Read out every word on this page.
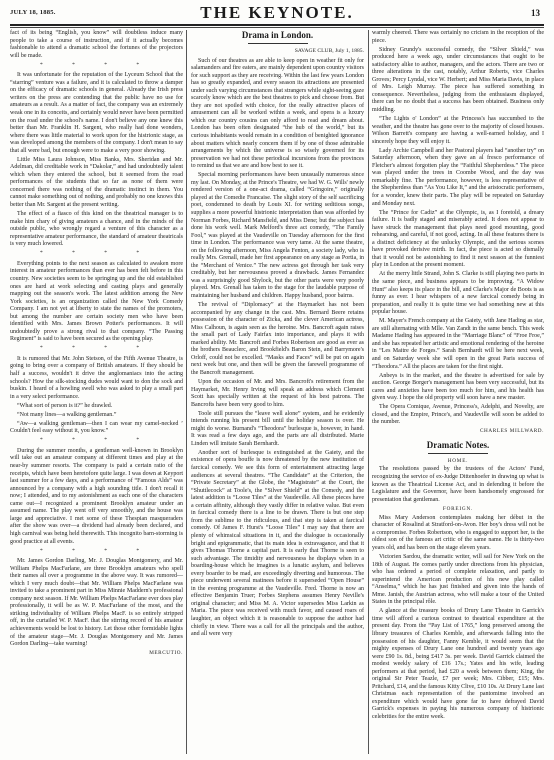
JULY 18, 1885.	THE KEYNOTE.	13

fact of its being “English, you know” will doubtless induce many people to take a course of instruction, and if it actually becomes fashionable to attend a dramatic school the fortunes of the projectors will be made.

* * * *

It was unfortunate for the reputation of the Lyceum School that the “starring” venture was a failure, and it is calculated to throw a damper on the efficacy of dramatic schools in general. Already the Irish press writers on the press are contending that the public have no use for amateurs as a result. As a matter of fact, the company was an extremely weak one in its conceits, and certainly would never have been permitted on the road under the school's name. I don't believe any one knew this better than Mr. Franklin H. Sargent, who really had done wonders, where there was little material to work upon for the histrionic stage, as was developed among the members of the company. I don't mean to say that all were bad, but enough were to make a very poor showing.

Little Miss Laura Johnson, Miss Banks, Mrs. Sheridan and Mr. Adelman, did creditable work in “Dakolar,” and had undoubtedly talent which when they entered the school, but it seemed from the road performances of the students that so far as none of them were concerned there was nothing of the dramatic instinct in them. You cannot make something out of nothing, and probably no one knows this better than Mr. Sargent at the present writing.

The effect of a fiasco of this kind on the theatrical manager is to make him chary of giving amateurs a chance, and in the minds of the outside public, who wrongly regard a venture of this character as a representative amateur performance, the standard of amateur theatricals is very much lowered.

* * * *

Everything points to the next season as calculated to awaken more interest in amateur performances than ever has been felt before in this country. New societies seem to be springing up and the old established ones are hard at work selecting and casting plays and generally mapping out the season's work. The latest addition among the New York societies, is an organization called the New York Comedy Company. I am not yet at liberty to state the names of the promoters, but among the number are certain society men who have been identified with Mrs. James Brown Potter's performances. It will undoubtedly prove a strong rival to that company. “The Passing Regiment” is said to have been secured as the opening play.

* * * *

It is rumored that Mr. John Stetson, of the Fifth Avenue Theatre, is going to bring over a company of British amateurs. If they should be half a success, wouldn't it drive the anglomaniacs into the acting schools? How the silk-stocking dudes would want to don the sock and buskin. I heard of a howling swell who was asked to play a small part in a very select performance.

“What sort of person is it?” he drawled.

“Not many lines—a walking gentleman.”

“Aw—a walking gentleman—then I can wear my camel-necked ’ Couldn't feel easy without it, you know.”

* * * *

During the summer months, a gentleman well-known in Brooklyn will take out an amateur company at different times and play at the near-by summer resorts. The company is paid a certain ratio of the receipts, which have been heretofore quite large. I was down at Keyport last summer for a few days, and a performance of “Famous Alds” was announced by a company with a high sounding title. I don't recall it now; I attended, and to my astonishment as each one of the characters came out—I recognized a prominent Brooklyn amateur under an assumed name. The play went off very smoothly, and the house was large and appreciative. I met some of these Thespian masqueraders after the show was over—a dividend had already been declared, and high carnival was being held therewith. This incognito barn-storming is good practice at all events.

* * * *

Mr. James Gordon Darling, Mr. J. Douglas Montgomery, and Mr. William Phelps MacFarlane, are three Brooklyn amateurs who spell their names all over a programme in the above way. It was rumored—which I very much doubt—that Mr. William Phelps MacFarlane was invited to take a prominent part in Miss Minnie Maddern's professional company next season. If Mr. William Phelps MacFarlane ever does play professionally, it will be as W. P. MacFarlane of the most, and the striking individuality of William Phelps MacF. is so entirely stripped off, in the curtailed W. P. MacF. that the stirring record of his amateur achievements would be lost to history. Let those other formidable lights of the amateur stage—Mr. J. Douglas Montgomery and Mr. James Gordon Darling—take warning!

MERCUTIO.
Drama in London.
SAVAGE CLUB, July 1, 1885.

Such of our theatres as are able to keep open in weather fit only for salamanders and fire eaters, are mainly dependent upon country visitors for such support as they are receiving. Within the last few years London has so greatly expanded, and every season its attractions are presented under such varying circumstances that strangers while sight-seeing gaze scarcely know which are the best theatres to pick and choose from. But they are not spoiled with choice, for the really attractive places of amusement can all be worked within a week, and opera is a luxury which our country cousins can only afford to read and dream about. London has been often designated “the hub of the world,” but its curious inhabitants would remain in a condition of benighted ignorance about matters which nearly concern them if by one of those admirable arrangements by which the universe is so wisely governed for its preservation we had not these periodical incursions from the provinces to remind us that we are and how best to see it.

Special morning performances have been unusually numerous since my last. On Monday, at the Prince's Theatre, we had W. G. Wills' newly rendered version of a one-act drama, called “Gringoire,” originally played at the Comedie Francaise. The slight story of the self sacrificing poet, condemned to death by Louis XI. for writing seditious songs, supplies a more powerful histrionic interpretation than was afforded by Norman Forbes, Richard Mansfield, and Miss Dene; but the subject has done his work well. Mark Melford's three act comedy, “The Family Fool,” was played at the Vaudeville on Tuesday afternoon for the first time in London. The performance was very tame. At the same theatre, on the following afternoon, Miss Angela Fenton, a society lady, who is really Mrs. Grenall, made her first appearance on any stage as Portia, in the “Merchant of Venice.” The new actress got through her task very creditably, but her nervousness proved a drawback. James Fernandez was a surprisingly good Shylock, but the other parts were very poorly played. Mrs. Grenall has taken to the stage for the laudable purpose of maintaining her husband and children. Happy husband, poor bairns.

The revival of “Diplomacy” at the Haymarket has not been accompanied by any change in the cast. Mrs. Bernard Beere retains possession of the character of Zicka, and the clever American actress, Miss Calhoun, is again seen as the heroine. Mrs. Bancroft again raises the small part of Lady Fairfax into importance, and plays it with marked ability. Mr. Bancroft and Forbes Robertson are good as ever as the brothers Beauclerc, and Brookfield's Baron Stein, and Barrymore's Orloff, could not be excelled. “Masks and Faces” will be put on again next week but one, and then will be given the farewell programme of the Bancroft management.

Upon the occasion of Mr. and Mrs. Bancroft's retirement from the Haymarket, Mr. Henry Irving will speak an address which Clement Scott has specially written at the request of his best patrons. The Bancrofts have been very good to him.

Toole still pursues the “leave well alone” system, and he evidently intends running his present bill until the holiday season is over. He might do worse. Burnand's “Theodora” burlesque is, however, in hand. It was read a few days ago, and the parts are all distributed. Marie Linden will imitate Sarah Bernhardt.

Another sort of burlesque is extinguished at the Gaiety, and the existence of opera bouffe is now threatened by the new institution of farcical comedy. We see this form of entertainment attracting large audiences at several theatres. “The Candidate” at the Criterion, the “Private Secretary” at the Globe, the “Magistrate” at the Court, the “Shuttlecock” at Toole's, the “Silver Shield” at the Comedy, and the latest addition is “Loose Tiles” at the Vaudeville. All these pieces have a certain affinity, although they vastly differ in relative value. But even in farcical comedy there is a line to be drawn. There is but one step from the sublime to the ridiculous, and that step is taken at farcical comedy. Of James F. Hurst's “Loose Tiles” I may say that there are plenty of whimsical situations in it, and the dialogue is occasionally bright and epigrammatic, that its main idea is extravagance, and that it gives Thomas Thorne a capital part. It is early that Thorne is seen to such advantage. The timidity and nervousness he displays when in a boarding-house which he imagines is a lunatic asylum, and believes every boarder to be mad, are exceedingly diverting and humorous. The piece underwent several matinees before it superseded “Open House” in the evening programme at the Vaudeville. Fred. Thorne is now an effective Benjamin Truer; Forbes Stephens assumes Henry Neville's original character; and Miss M. A. Victor supersedes Miss Larkin as Maria. The piece was received with much favor, and caused roars of laughter, an object which it is reasonable to suppose the author had chiefly in view. There was a call for all the principals and the author, and all were very

warmly cheered. There was certainly no cricism in the reception of the piece.

Sidney Grundy's successful comedy, the “Silver Shield,” was produced here a week ago, under circumstances that ought to be satisfactory alike to author, managers, and the actors. There are two or three alterations in the cast, notably, Arthur Roberts, vice Charles Groves; Percy Lyndal, vice W. Herbert; and Miss Maria Davis, in place of Mrs. Leigh Murray. The piece has suffered something in consequence. Nevertheless, judging from the enthusiasm displayed, there can be no doubt that a success has been obtained. Business only middling.

“The Lights o' London” at the Princess's has succumbed to the weather, and the theatre has gone over to the majority of closed houses. Wilson Barrett's company are having a well-earned holiday, and I sincerely hope they will enjoy it.

Lady Archie Campbell and her Pastoral players had “another try” on Saturday afternoon, when they gave an al fresco performance of Fletcher's almost forgotten play the “Faithful Shepherdess.” The piece was played under the trees in Coombe Wood, and the day was remarkably fine. The performance, however, is less representative of the Shepherdess than “As You Like It,” and the aristocratic performers, for a wonder, knew their parts. The play will be repeated on Saturday and Monday next.

The “Prince for Cadiz” at the Olympic, is, as I foretold, a dreary failure. It is badly staged and miserably acted. It does not appear to have struck the management that plays need good mounting, good rehearsing, and careful, if not good, acting. In all these features there is a distinct deficiency at the unlucky Olympic, and the serious scenes have provoked derisive mirth. In fact, the piece is acted so dismally that it would not be astonishing to find it next season at the funniest play in London at the present moment.

At the merry little Strand, John S. Clarke is still playing two parts in the same piece, and business appears to be improving. “A Widow Hunt” also keeps its place in the bill, and Clarke's Major de Boots is as funny as ever. I hear whispers of a new farcical comedy being in preparation, and really it is quite time we had something new at this popular house.

M. Mayer's French company at the Gaiety, with Jane Hading as star, are still alternating with Mlle. Van Zandt in the same bench. This week Madame Hading has appeared in the “Marriage Blanc” of “Froe Froe,” and she has repeated her artistic and emotional rendering of the heroine in “Les Maitre de Forges.” Sarah Bernhardt will be here next week, and on Saturday week she will open in the great Paris success of “Theodora.” All the places are taken for the first night.

Anbeys is in the market, and the theatre is advertised for sale by auction. George Borger's management has been very successful, but its cares and anxieties have been too much for him, and his health has given way. I hope the old property will soon have a new master.

The Opera Comique, Avenue, Princess's, Adelphi, and Novelty, are closed, and the Empire, Prince's, and Vaudeville will soon be added to the number.

CHARLES MILLWARD.
Dramatic Notes.
HOME.

The resolutions passed by the trustees of the Actors' Fund, recognizing the service of ex-Judge Dittenhoefer in drawing up what is known as the Theatrical License Act, and in defending it before the Legislature and the Governor, have been handsomely engrossed for presentation that gentleman.

FOREIGN.

Miss Mary Anderson contemplates making her début in the character of Rosalind at Stratford-on-Avon. Her boy's dress will not be a compromise. Forbes Robertson, who is engaged to support her, is the oldest son of the famous art critic of the same name. He is thirty-two years old, and has been on the stage eleven years.

Victorien Sardou, the dramatic writer, will sail for New York on the 18th of August. He comes partly under directions from his physician, who has ordered a period of complete relaxation, and partly to superintend the American production of his new play called “Anselma,” which he has just finished and given into the hands of Mme. Janish, the Austrian actress, who will make a tour of the United States in the principal rôle.

A glance at the treasury books of Drury Lane Theatre in Garrick's time will afford a curious contrast to theatrical expenditure at the present day. From the “Pay List of 1765,” long preserved among the library treasures of Charles Kemble, and afterwards falling into the possession of his daughter, Fanny Kemble, it would seem that the mighty expenses of Drury Lane one hundred and twenty years ago were £90 1s. 8d., being £417 3s. per week. David Garrick claimed the modest weekly salary of £16 17s.; Yates and his wife, leading performers at that period, had £20 a week between them; King, the original Sir Peter Teazle, £7 per week; Mrs. Cibber, £15; Mrs. Pritchard, £14, and the famous Kitty Clive, £10 10s. At Drury Lane last Christmas each representation of the pantomime involved an expenditure which would have gone far to have defrayed David Garrick's expenses in paying his numerous company of histrionic celebrities for the entire week.
